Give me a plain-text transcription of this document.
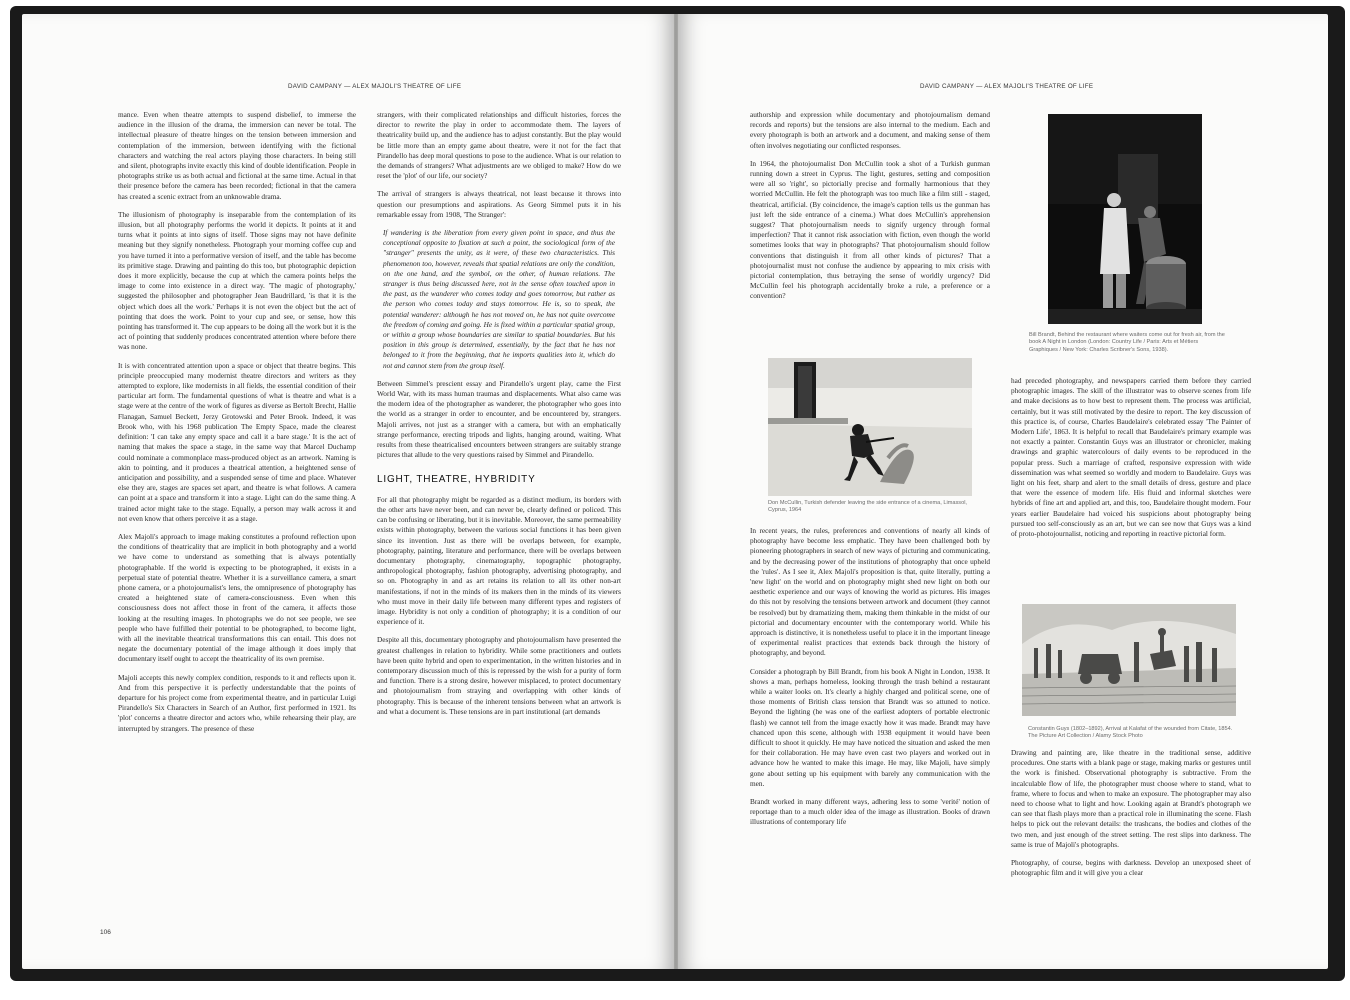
DAVID CAMPANY — ALEX MAJOLI'S THEATRE OF LIFE

mance. Even when theatre attempts to suspend disbelief, to immerse the audience in the illusion of the drama, the immersion can never be total. The intellectual pleasure of theatre hinges on the tension between immersion and contemplation of the immersion, between identifying with the fictional characters and watching the real actors playing those characters. In being still and silent, photographs invite exactly this kind of double identification. People in photographs strike us as both actual and fictional at the same time. Actual in that their presence before the camera has been recorded; fictional in that the camera has created a scenic extract from an unknowable drama.

The illusionism of photography is inseparable from the contemplation of its illusion, but all photography performs the world it depicts. It points at it and turns what it points at into signs of itself. Those signs may not have definite meaning but they signify nonetheless. Photograph your morning coffee cup and you have turned it into a performative version of itself, and the table has become its primitive stage. Drawing and painting do this too, but photographic depiction does it more explicitly, because the cup at which the camera points helps the image to come into existence in a direct way. 'The magic of photography,' suggested the philosopher and photographer Jean Baudrillard, 'is that it is the object which does all the work.' Perhaps it is not even the object but the act of pointing that does the work. Point to your cup and see, or sense, how this pointing has transformed it. The cup appears to be doing all the work but it is the act of pointing that suddenly produces concentrated attention where before there was none.

It is with concentrated attention upon a space or object that theatre begins. This principle preoccupied many modernist theatre directors and writers as they attempted to explore, like modernists in all fields, the essential condition of their particular art form. The fundamental questions of what is theatre and what is a stage were at the centre of the work of figures as diverse as Bertolt Brecht, Hallie Flanagan, Samuel Beckett, Jerzy Grotowski and Peter Brook. Indeed, it was Brook who, with his 1968 publication The Empty Space, made the clearest definition: 'I can take any empty space and call it a bare stage.' It is the act of naming that makes the space a stage, in the same way that Marcel Duchamp could nominate a commonplace mass-produced object as an artwork. Naming is akin to pointing, and it produces a theatrical attention, a heightened sense of anticipation and possibility, and a suspended sense of time and place. Whatever else they are, stages are spaces set apart, and theatre is what follows. A camera can point at a space and transform it into a stage. Light can do the same thing. A trained actor might take to the stage. Equally, a person may walk across it and not even know that others perceive it as a stage.

Alex Majoli's approach to image making constitutes a profound reflection upon the conditions of theatricality that are implicit in both photography and a world we have come to understand as something that is always potentially photographable. If the world is expecting to be photographed, it exists in a perpetual state of potential theatre. Whether it is a surveillance camera, a smart phone camera, or a photojournalist's lens, the omnipresence of photography has created a heightened state of camera-consciousness. Even when this consciousness does not affect those in front of the camera, it affects those looking at the resulting images. In photographs we do not see people, we see people who have fulfilled their potential to be photographed, to become light, with all the inevitable theatrical transformations this can entail. This does not negate the documentary potential of the image although it does imply that documentary itself ought to accept the theatricality of its own premise.

Majoli accepts this newly complex condition, responds to it and reflects upon it. And from this perspective it is perfectly understandable that the points of departure for his project come from experimental theatre, and in particular Luigi Pirandello's Six Characters in Search of an Author, first performed in 1921. Its 'plot' concerns a theatre director and actors who, while rehearsing their play, are interrupted by strangers. The presence of these

strangers, with their complicated relationships and difficult histories, forces the director to rewrite the play in order to accommodate them. The layers of theatricality build up, and the audience has to adjust constantly. But the play would be little more than an empty game about theatre, were it not for the fact that Pirandello has deep moral questions to pose to the audience. What is our relation to the demands of strangers? What adjustments are we obliged to make? How do we reset the 'plot' of our life, our society?

The arrival of strangers is always theatrical, not least because it throws into question our presumptions and aspirations. As Georg Simmel puts it in his remarkable essay from 1908, 'The Stranger':

If wandering is the liberation from every given point in space, and thus the conceptional opposite to fixation at such a point, the sociological form of the "stranger" presents the unity, as it were, of these two characteristics. This phenomenon too, however, reveals that spatial relations are only the condition, on the one hand, and the symbol, on the other, of human relations. The stranger is thus being discussed here, not in the sense often touched upon in the past, as the wanderer who comes today and goes tomorrow, but rather as the person who comes today and stays tomorrow. He is, so to speak, the potential wanderer: although he has not moved on, he has not quite overcome the freedom of coming and going. He is fixed within a particular spatial group, or within a group whose boundaries are similar to spatial boundaries. But his position in this group is determined, essentially, by the fact that he has not belonged to it from the beginning, that he imports qualities into it, which do not and cannot stem from the group itself.

Between Simmel's prescient essay and Pirandello's urgent play, came the First World War, with its mass human traumas and displacements. What also came was the modern idea of the photographer as wanderer, the photographer who goes into the world as a stranger in order to encounter, and be encountered by, strangers. Majoli arrives, not just as a stranger with a camera, but with an emphatically strange performance, erecting tripods and lights, hanging around, waiting. What results from these theatricalised encounters between strangers are suitably strange pictures that allude to the very questions raised by Simmel and Pirandello.

LIGHT, THEATRE, HYBRIDITY

For all that photography might be regarded as a distinct medium, its borders with the other arts have never been, and can never be, clearly defined or policed. This can be confusing or liberating, but it is inevitable. Moreover, the same permeability exists within photography, between the various social functions it has been given since its invention. Just as there will be overlaps between, for example, photography, painting, literature and performance, there will be overlaps between documentary photography, cinematography, topographic photography, anthropological photography, fashion photography, advertising photography, and so on. Photography in and as art retains its relation to all its other non-art manifestations, if not in the minds of its makers then in the minds of its viewers who must move in their daily life between many different types and registers of image. Hybridity is not only a condition of photography; it is a condition of our experience of it.

Despite all this, documentary photography and photojournalism have presented the greatest challenges in relation to hybridity. While some practitioners and outlets have been quite hybrid and open to experimentation, in the written histories and in contemporary discussion much of this is repressed by the wish for a purity of form and function. There is a strong desire, however misplaced, to protect documentary and photojournalism from straying and overlapping with other kinds of photography. This is because of the inherent tensions between what an artwork is and what a document is. These tensions are in part institutional (art demands

106
DAVID CAMPANY — ALEX MAJOLI'S THEATRE OF LIFE

authorship and expression while documentary and photojournalism demand records and reports) but the tensions are also internal to the medium. Each and every photograph is both an artwork and a document, and making sense of them often involves negotiating our conflicted responses.

In 1964, the photojournalist Don McCullin took a shot of a Turkish gunman running down a street in Cyprus. The light, gestures, setting and composition were all so 'right', so pictorially precise and formally harmonious that they worried McCullin. He felt the photograph was too much like a film still - staged, theatrical, artificial. (By coincidence, the image's caption tells us the gunman has just left the side entrance of a cinema.) What does McCullin's apprehension suggest? That photojournalism needs to signify urgency through formal imperfection? That it cannot risk association with fiction, even though the world sometimes looks that way in photographs? That photojournalism should follow conventions that distinguish it from all other kinds of pictures? That a photojournalist must not confuse the audience by appearing to mix crisis with pictorial contemplation, thus betraying the sense of worldly urgency? Did McCullin feel his photograph accidentally broke a rule, a preference or a convention?

Don McCullin, Turkish defender leaving the side entrance of a cinema, Limassol, Cyprus, 1964

In recent years, the rules, preferences and conventions of nearly all kinds of photography have become less emphatic. They have been challenged both by pioneering photographers in search of new ways of picturing and communicating, and by the decreasing power of the institutions of photography that once upheld the 'rules'. As I see it, Alex Majoli's proposition is that, quite literally, putting a 'new light' on the world and on photography might shed new light on both our aesthetic experience and our ways of knowing the world as pictures. His images do this not by resolving the tensions between artwork and document (they cannot be resolved) but by dramatizing them, making them thinkable in the midst of our pictorial and documentary encounter with the contemporary world. While his approach is distinctive, it is nonetheless useful to place it in the important lineage of experimental realist practices that extends back through the history of photography, and beyond.

Consider a photograph by Bill Brandt, from his book A Night in London, 1938. It shows a man, perhaps homeless, looking through the trash behind a restaurant while a waiter looks on. It's clearly a highly charged and political scene, one of those moments of British class tension that Brandt was so attuned to notice. Beyond the lighting (he was one of the earliest adopters of portable electronic flash) we cannot tell from the image exactly how it was made. Brandt may have chanced upon this scene, although with 1938 equipment it would have been difficult to shoot it quickly. He may have noticed the situation and asked the men for their collaboration. He may have even cast two players and worked out in advance how he wanted to make this image. He may, like Majoli, have simply gone about setting up his equipment with barely any communication with the men.

Brandt worked in many different ways, adhering less to some 'verité' notion of reportage than to a much older idea of the image as illustration. Books of drawn illustrations of contemporary life

Bill Brandt, Behind the restaurant where waiters come out for fresh air, from the book A Night in London (London: Country Life / Paris: Arts et Métiers Graphiques / New York: Charles Scribner's Sons, 1938).

had preceded photography, and newspapers carried them before they carried photographic images. The skill of the illustrator was to observe scenes from life and make decisions as to how best to represent them. The process was artificial, certainly, but it was still motivated by the desire to report. The key discussion of this practice is, of course, Charles Baudelaire's celebrated essay 'The Painter of Modern Life', 1863. It is helpful to recall that Baudelaire's primary example was not exactly a painter. Constantin Guys was an illustrator or chronicler, making drawings and graphic watercolours of daily events to be reproduced in the popular press. Such a marriage of crafted, responsive expression with wide dissemination was what seemed so worldly and modern to Baudelaire. Guys was light on his feet, sharp and alert to the small details of dress, gesture and place that were the essence of modern life. His fluid and informal sketches were hybrids of fine art and applied art, and this, too, Baudelaire thought modern. Four years earlier Baudelaire had voiced his suspicions about photography being pursued too self-consciously as an art, but we can see now that Guys was a kind of proto-photojournalist, noticing and reporting in reactive pictorial form.

Constantin Guys (1802–1892), Arrival at Kalafat of the wounded from Citate, 1854. The Picture Art Collection / Alamy Stock Photo

Drawing and painting are, like theatre in the traditional sense, additive procedures. One starts with a blank page or stage, making marks or gestures until the work is finished. Observational photography is subtractive. From the incalculable flow of life, the photographer must choose where to stand, what to frame, where to focus and when to make an exposure. The photographer may also need to choose what to light and how. Looking again at Brandt's photograph we can see that flash plays more than a practical role in illuminating the scene. Flash helps to pick out the relevant details: the trashcans, the bodies and clothes of the two men, and just enough of the street setting. The rest slips into darkness. The same is true of Majoli's photographs.

Photography, of course, begins with darkness. Develop an unexposed sheet of photographic film and it will give you a clear
